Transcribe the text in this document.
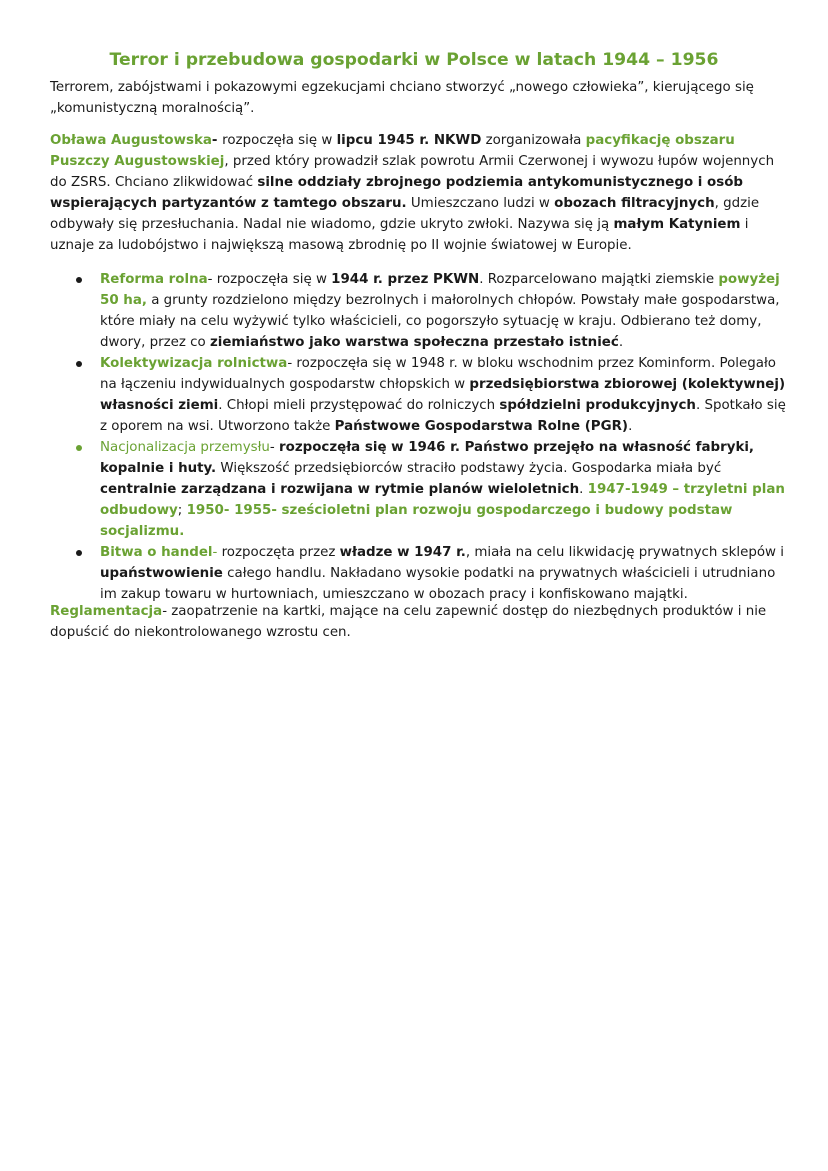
Terror i przebudowa gospodarki w Polsce w latach 1944 – 1956

Terrorem, zabójstwami i pokazowymi egzekucjami chciano stworzyć „nowego człowieka”, kierującego się „komunistyczną moralnością”.

Obława Augustowska- rozpoczęła się w lipcu 1945 r. NKWD zorganizowała pacyfikację obszaru Puszczy Augustowskiej, przed który prowadził szlak powrotu Armii Czerwonej i wywozu łupów wojennych do ZSRS. Chciano zlikwidować silne oddziały zbrojnego podziemia antykomunistycznego i osób wspierających partyzantów z tamtego obszaru. Umieszczano ludzi w obozach filtracyjnych, gdzie odbywały się przesłuchania. Nadal nie wiadomo, gdzie ukryto zwłoki. Nazywa się ją małym Katyniem i uznaje za ludobójstwo i największą masową zbrodnię po II wojnie światowej w Europie.

Reforma rolna- rozpoczęła się w 1944 r. przez PKWN. Rozparcelowano majątki ziemskie powyżej 50 ha, a grunty rozdzielono między bezrolnych i małorolnych chłopów. Powstały małe gospodarstwa, które miały na celu wyżywić tylko właścicieli, co pogorszyło sytuację w kraju. Odbierano też domy, dwory, przez co ziemiaństwo jako warstwa społeczna przestało istnieć.
Kolektywizacja rolnictwa- rozpoczęła się w 1948 r. w bloku wschodnim przez Kominform. Polegało na łączeniu indywidualnych gospodarstw chłopskich w przedsiębiorstwa zbiorowej (kolektywnej) własności ziemi. Chłopi mieli przystępować do rolniczych spółdzielni produkcyjnych. Spotkało się z oporem na wsi. Utworzono także Państwowe Gospodarstwa Rolne (PGR).
Nacjonalizacja przemysłu- rozpoczęła się w 1946 r. Państwo przejęło na własność fabryki, kopalnie i huty. Większość przedsiębiorców straciło podstawy życia. Gospodarka miała być centralnie zarządzana i rozwijana w rytmie planów wieloletnich. 1947-1949 – trzyletni plan odbudowy; 1950- 1955- sześcioletni plan rozwoju gospodarczego i budowy podstaw socjalizmu.
Bitwa o handel- rozpoczęta przez władze w 1947 r., miała na celu likwidację prywatnych sklepów i upaństwowienie całego handlu. Nakładano wysokie podatki na prywatnych właścicieli i utrudniano im zakup towaru w hurtowniach, umieszczano w obozach pracy i konfiskowano majątki.

Reglamentacja- zaopatrzenie na kartki, mające na celu zapewnić dostęp do niezbędnych produktów i nie dopuścić do niekontrolowanego wzrostu cen.
